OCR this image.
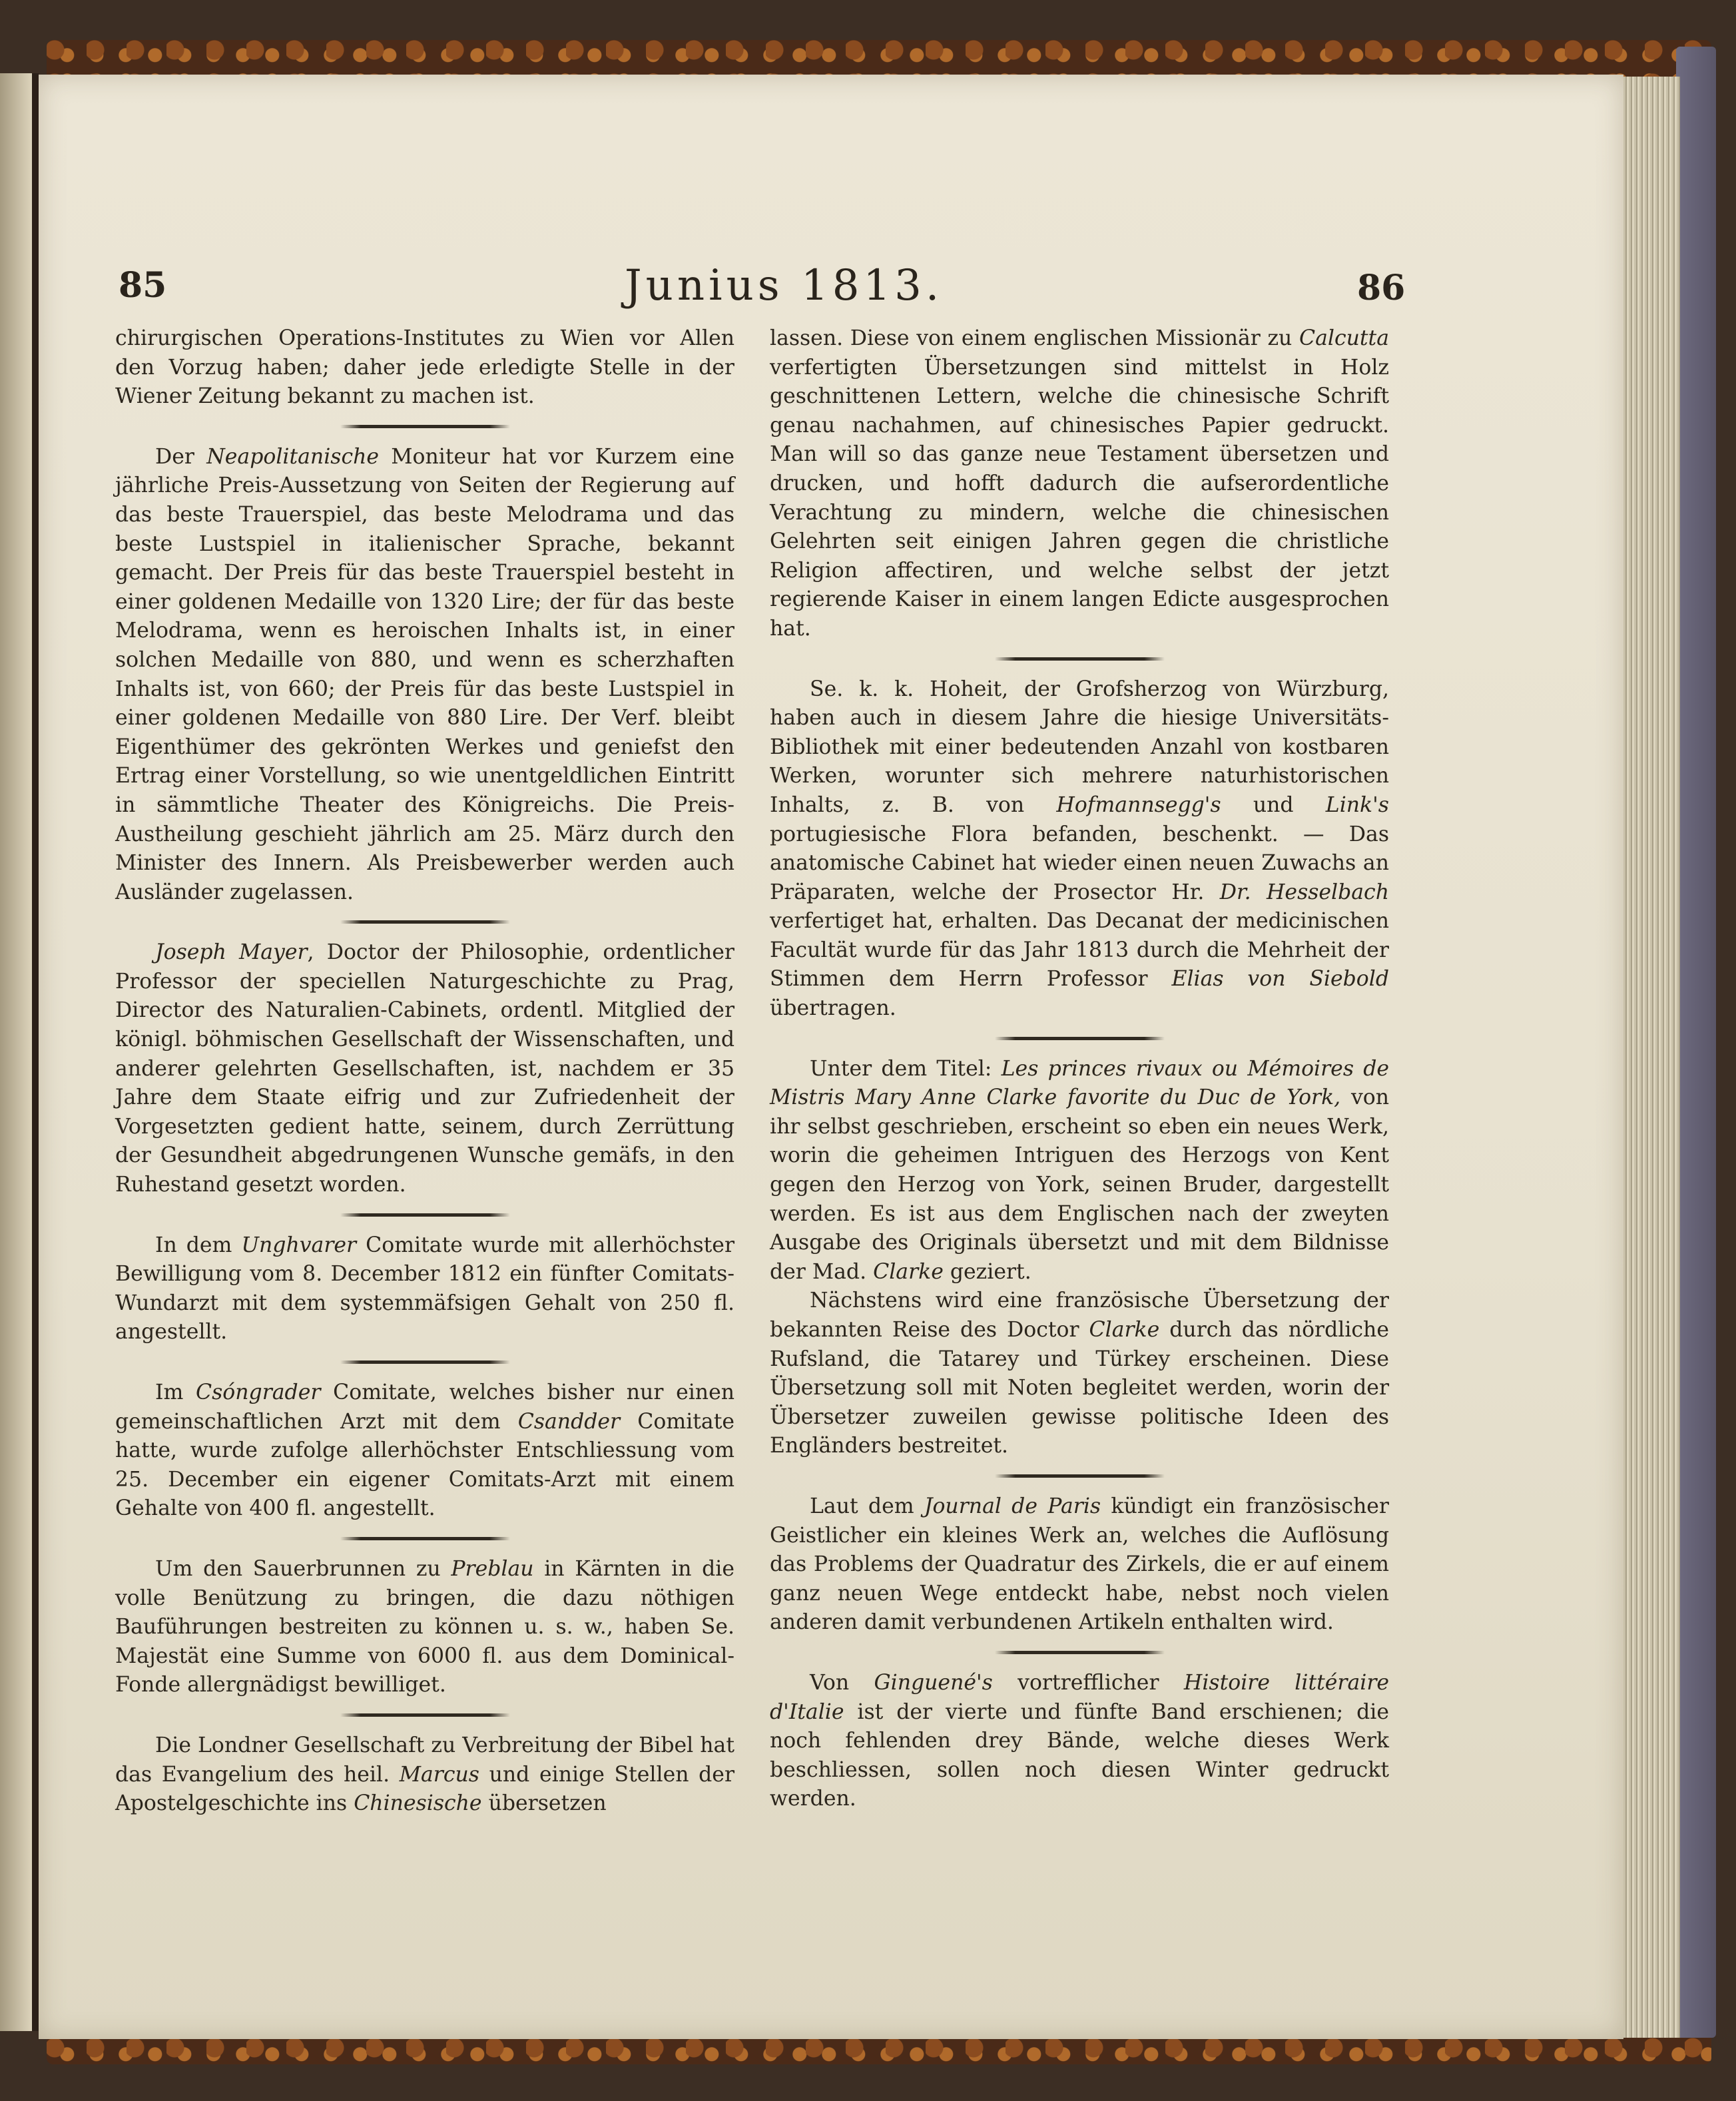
85	Junius 1813.	86

chirurgischen Operations-Institutes zu Wien vor Allen den Vorzug haben; daher jede erledigte Stelle in der Wiener Zeitung bekannt zu machen ist.

Der Neapolitanische Moniteur hat vor Kurzem eine jährliche Preis-Aussetzung von Seiten der Regierung auf das beste Trauerspiel, das beste Melodrama und das beste Lustspiel in italienischer Sprache, bekannt gemacht. Der Preis für das beste Trauerspiel besteht in einer goldenen Medaille von 1320 Lire; der für das beste Melodrama, wenn es heroischen Inhalts ist, in einer solchen Medaille von 880, und wenn es scherzhaften Inhalts ist, von 660; der Preis für das beste Lustspiel in einer goldenen Medaille von 880 Lire. Der Verf. bleibt Eigenthümer des gekrönten Werkes und geniefst den Ertrag einer Vorstellung, so wie unentgeldlichen Eintritt in sämmtliche Theater des Königreichs. Die Preis-Austheilung geschieht jährlich am 25. März durch den Minister des Innern. Als Preisbewerber werden auch Ausländer zugelassen.

Joseph Mayer, Doctor der Philosophie, ordentlicher Professor der speciellen Naturgeschichte zu Prag, Director des Naturalien-Cabinets, ordentl. Mitglied der königl. böhmischen Gesellschaft der Wissenschaften, und anderer gelehrten Gesellschaften, ist, nachdem er 35 Jahre dem Staate eifrig und zur Zufriedenheit der Vorgesetzten gedient hatte, seinem, durch Zerrüttung der Gesundheit abgedrungenen Wunsche gemäfs, in den Ruhestand gesetzt worden.

In dem Unghvarer Comitate wurde mit allerhöchster Bewilligung vom 8. December 1812 ein fünfter Comitats-Wundarzt mit dem systemmäfsigen Gehalt von 250 fl. angestellt.

Im Csóngrader Comitate, welches bisher nur einen gemeinschaftlichen Arzt mit dem Csandder Comitate hatte, wurde zufolge allerhöchster Entschliessung vom 25. December ein eigener Comitats-Arzt mit einem Gehalte von 400 fl. angestellt.

Um den Sauerbrunnen zu Preblau in Kärnten in die volle Benützung zu bringen, die dazu nöthigen Bauführungen bestreiten zu können u. s. w., haben Se. Majestät eine Summe von 6000 fl. aus dem Dominical-Fonde allergnädigst bewilliget.

Die Londner Gesellschaft zu Verbreitung der Bibel hat das Evangelium des heil. Marcus und einige Stellen der Apostelgeschichte ins Chinesische übersetzen

lassen. Diese von einem englischen Missionär zu Calcutta verfertigten Übersetzungen sind mittelst in Holz geschnittenen Lettern, welche die chinesische Schrift genau nachahmen, auf chinesisches Papier gedruckt. Man will so das ganze neue Testament übersetzen und drucken, und hofft dadurch die aufserordentliche Verachtung zu mindern, welche die chinesischen Gelehrten seit einigen Jahren gegen die christliche Religion affectiren, und welche selbst der jetzt regierende Kaiser in einem langen Edicte ausgesprochen hat.

Se. k. k. Hoheit, der Grofsherzog von Würzburg, haben auch in diesem Jahre die hiesige Universitäts-Bibliothek mit einer bedeutenden Anzahl von kostbaren Werken, worunter sich mehrere naturhistorischen Inhalts, z. B. von Hofmannsegg's und Link's portugiesische Flora befanden, beschenkt. — Das anatomische Cabinet hat wieder einen neuen Zuwachs an Präparaten, welche der Prosector Hr. Dr. Hesselbach verfertiget hat, erhalten. Das Decanat der medicinischen Facultät wurde für das Jahr 1813 durch die Mehrheit der Stimmen dem Herrn Professor Elias von Siebold übertragen.

Unter dem Titel: Les princes rivaux ou Mémoires de Mistris Mary Anne Clarke favorite du Duc de York, von ihr selbst geschrieben, erscheint so eben ein neues Werk, worin die geheimen Intriguen des Herzogs von Kent gegen den Herzog von York, seinen Bruder, dargestellt werden. Es ist aus dem Englischen nach der zweyten Ausgabe des Originals übersetzt und mit dem Bildnisse der Mad. Clarke geziert.

Nächstens wird eine französische Übersetzung der bekannten Reise des Doctor Clarke durch das nördliche Rufsland, die Tatarey und Türkey erscheinen. Diese Übersetzung soll mit Noten begleitet werden, worin der Übersetzer zuweilen gewisse politische Ideen des Engländers bestreitet.

Laut dem Journal de Paris kündigt ein französischer Geistlicher ein kleines Werk an, welches die Auflösung das Problems der Quadratur des Zirkels, die er auf einem ganz neuen Wege entdeckt habe, nebst noch vielen anderen damit verbundenen Artikeln enthalten wird.

Von Ginguené's vortrefflicher Histoire littéraire d'Italie ist der vierte und fünfte Band erschienen; die noch fehlenden drey Bände, welche dieses Werk beschliessen, sollen noch diesen Winter gedruckt werden.
